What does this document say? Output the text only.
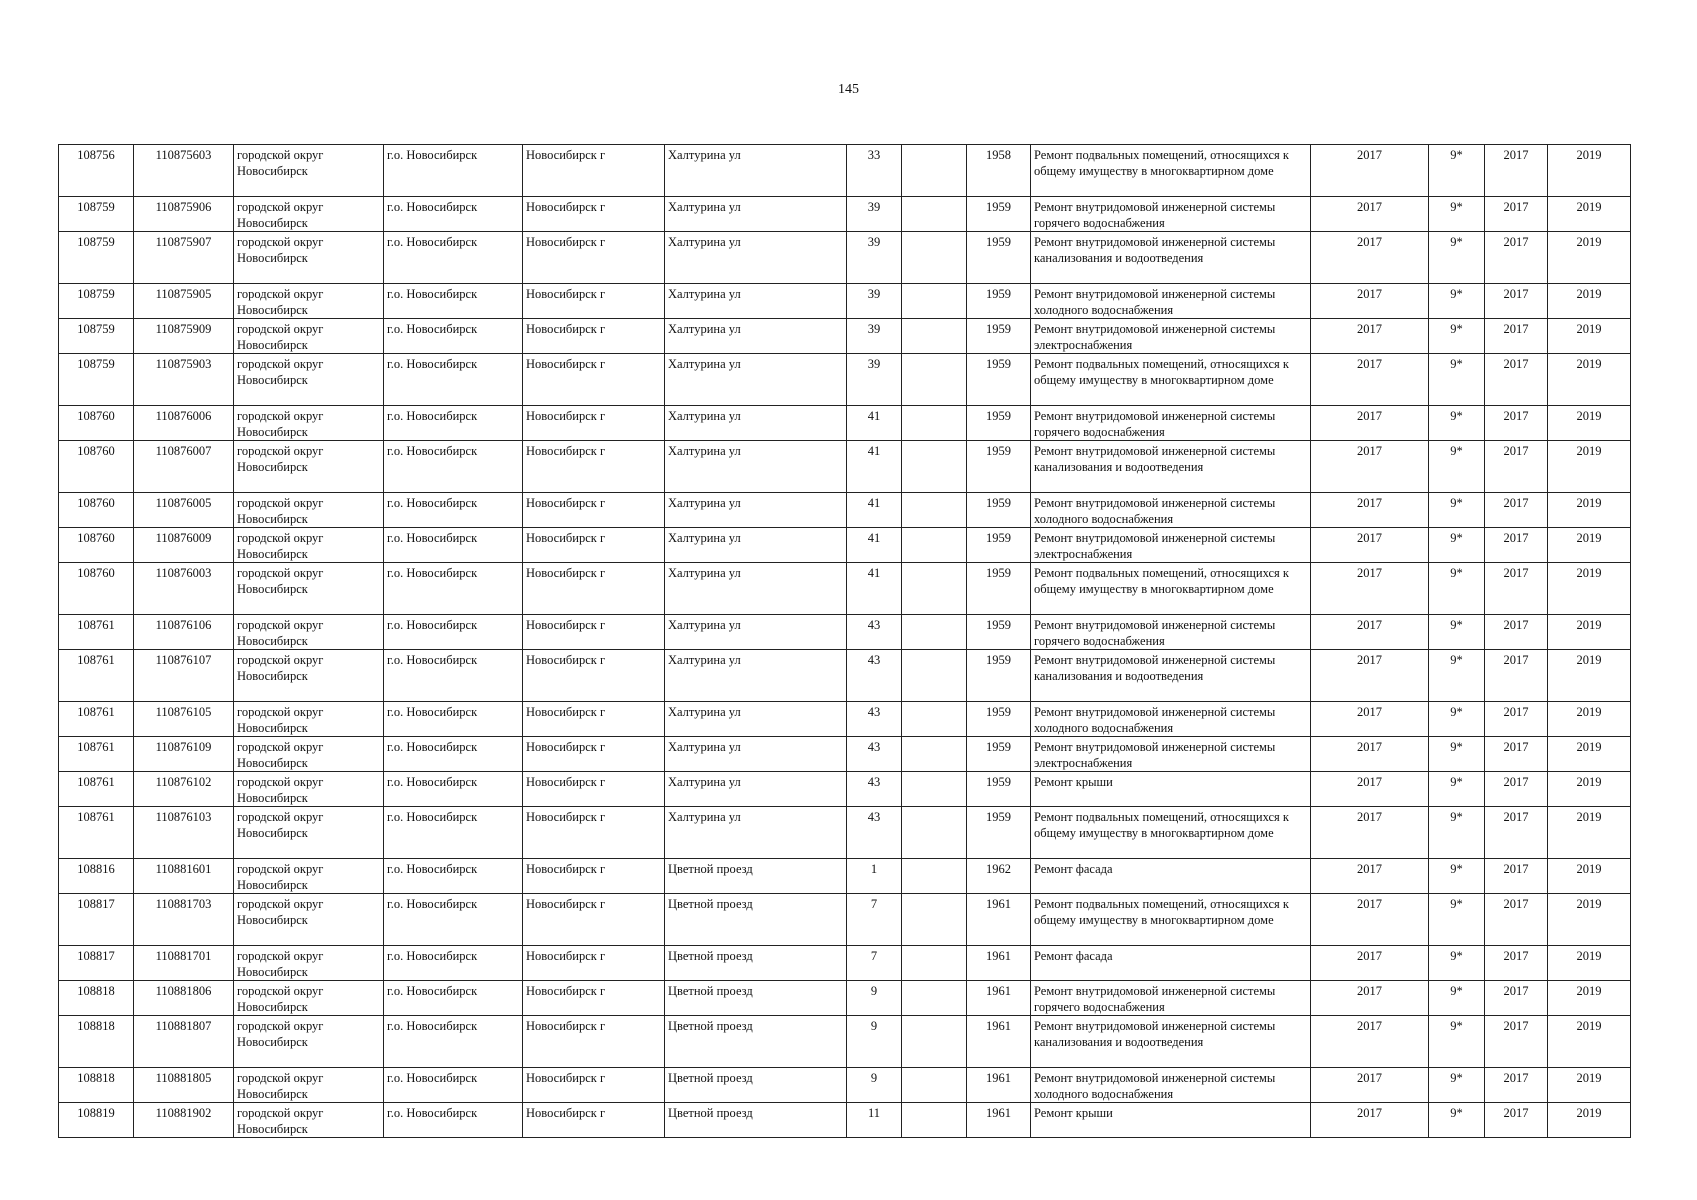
145
108756	110875603	городской округ Новосибирск	г.о. Новосибирск	Новосибирск г	Халтурина ул	33		1958	Ремонт подвальных помещений, относящихся к общему имуществу в многоквартирном доме	2017	9*	2017	2019
108759	110875906	городской округ Новосибирск	г.о. Новосибирск	Новосибирск г	Халтурина ул	39		1959	Ремонт внутридомовой инженерной системы горячего водоснабжения	2017	9*	2017	2019
108759	110875907	городской округ Новосибирск	г.о. Новосибирск	Новосибирск г	Халтурина ул	39		1959	Ремонт внутридомовой инженерной системы канализования и водоотведения	2017	9*	2017	2019
108759	110875905	городской округ Новосибирск	г.о. Новосибирск	Новосибирск г	Халтурина ул	39		1959	Ремонт внутридомовой инженерной системы холодного водоснабжения	2017	9*	2017	2019
108759	110875909	городской округ Новосибирск	г.о. Новосибирск	Новосибирск г	Халтурина ул	39		1959	Ремонт внутридомовой инженерной системы электроснабжения	2017	9*	2017	2019
108759	110875903	городской округ Новосибирск	г.о. Новосибирск	Новосибирск г	Халтурина ул	39		1959	Ремонт подвальных помещений, относящихся к общему имуществу в многоквартирном доме	2017	9*	2017	2019
108760	110876006	городской округ Новосибирск	г.о. Новосибирск	Новосибирск г	Халтурина ул	41		1959	Ремонт внутридомовой инженерной системы горячего водоснабжения	2017	9*	2017	2019
108760	110876007	городской округ Новосибирск	г.о. Новосибирск	Новосибирск г	Халтурина ул	41		1959	Ремонт внутридомовой инженерной системы канализования и водоотведения	2017	9*	2017	2019
108760	110876005	городской округ Новосибирск	г.о. Новосибирск	Новосибирск г	Халтурина ул	41		1959	Ремонт внутридомовой инженерной системы холодного водоснабжения	2017	9*	2017	2019
108760	110876009	городской округ Новосибирск	г.о. Новосибирск	Новосибирск г	Халтурина ул	41		1959	Ремонт внутридомовой инженерной системы электроснабжения	2017	9*	2017	2019
108760	110876003	городской округ Новосибирск	г.о. Новосибирск	Новосибирск г	Халтурина ул	41		1959	Ремонт подвальных помещений, относящихся к общему имуществу в многоквартирном доме	2017	9*	2017	2019
108761	110876106	городской округ Новосибирск	г.о. Новосибирск	Новосибирск г	Халтурина ул	43		1959	Ремонт внутридомовой инженерной системы горячего водоснабжения	2017	9*	2017	2019
108761	110876107	городской округ Новосибирск	г.о. Новосибирск	Новосибирск г	Халтурина ул	43		1959	Ремонт внутридомовой инженерной системы канализования и водоотведения	2017	9*	2017	2019
108761	110876105	городской округ Новосибирск	г.о. Новосибирск	Новосибирск г	Халтурина ул	43		1959	Ремонт внутридомовой инженерной системы холодного водоснабжения	2017	9*	2017	2019
108761	110876109	городской округ Новосибирск	г.о. Новосибирск	Новосибирск г	Халтурина ул	43		1959	Ремонт внутридомовой инженерной системы электроснабжения	2017	9*	2017	2019
108761	110876102	городской округ Новосибирск	г.о. Новосибирск	Новосибирск г	Халтурина ул	43		1959	Ремонт крыши	2017	9*	2017	2019
108761	110876103	городской округ Новосибирск	г.о. Новосибирск	Новосибирск г	Халтурина ул	43		1959	Ремонт подвальных помещений, относящихся к общему имуществу в многоквартирном доме	2017	9*	2017	2019
108816	110881601	городской округ Новосибирск	г.о. Новосибирск	Новосибирск г	Цветной проезд	1		1962	Ремонт фасада	2017	9*	2017	2019
108817	110881703	городской округ Новосибирск	г.о. Новосибирск	Новосибирск г	Цветной проезд	7		1961	Ремонт подвальных помещений, относящихся к общему имуществу в многоквартирном доме	2017	9*	2017	2019
108817	110881701	городской округ Новосибирск	г.о. Новосибирск	Новосибирск г	Цветной проезд	7		1961	Ремонт фасада	2017	9*	2017	2019
108818	110881806	городской округ Новосибирск	г.о. Новосибирск	Новосибирск г	Цветной проезд	9		1961	Ремонт внутридомовой инженерной системы горячего водоснабжения	2017	9*	2017	2019
108818	110881807	городской округ Новосибирск	г.о. Новосибирск	Новосибирск г	Цветной проезд	9		1961	Ремонт внутридомовой инженерной системы канализования и водоотведения	2017	9*	2017	2019
108818	110881805	городской округ Новосибирск	г.о. Новосибирск	Новосибирск г	Цветной проезд	9		1961	Ремонт внутридомовой инженерной системы холодного водоснабжения	2017	9*	2017	2019
108819	110881902	городской округ Новосибирск	г.о. Новосибирск	Новосибирск г	Цветной проезд	11		1961	Ремонт крыши	2017	9*	2017	2019
